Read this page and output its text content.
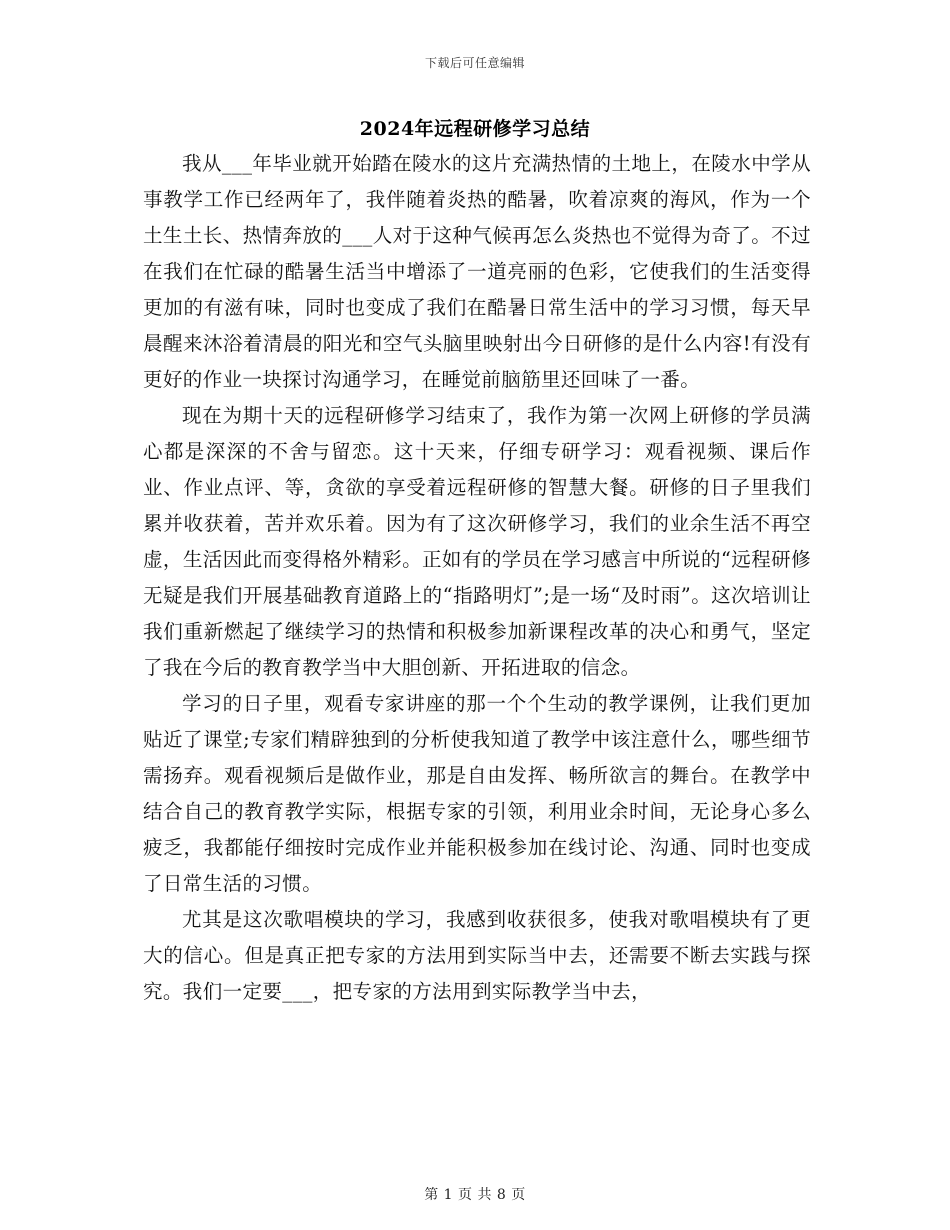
下载后可任意编辑
2024年远程研修学习总结

我从___年毕业就开始踏在陵水的这片充满热情的土地上，在陵水中学从事教学工作已经两年了，我伴随着炎热的酷暑，吹着凉爽的海风，作为一个土生土长、热情奔放的___人对于这种气候再怎么炎热也不觉得为奇了。不过在我们在忙碌的酷暑生活当中增添了一道亮丽的色彩，它使我们的生活变得更加的有滋有味，同时也变成了我们在酷暑日常生活中的学习习惯，每天早晨醒来沐浴着清晨的阳光和空气头脑里映射出今日研修的是什么内容!有没有更好的作业一块探讨沟通学习，在睡觉前脑筋里还回味了一番。

现在为期十天的远程研修学习结束了，我作为第一次网上研修的学员满心都是深深的不舍与留恋。这十天来，仔细专研学习：观看视频、课后作业、作业点评、等，贪欲的享受着远程研修的智慧大餐。研修的日子里我们累并收获着，苦并欢乐着。因为有了这次研修学习，我们的业余生活不再空虚，生活因此而变得格外精彩。正如有的学员在学习感言中所说的“远程研修无疑是我们开展基础教育道路上的“指路明灯”;是一场“及时雨”。这次培训让我们重新燃起了继续学习的热情和积极参加新课程改革的决心和勇气，坚定了我在今后的教育教学当中大胆创新、开拓进取的信念。

学习的日子里，观看专家讲座的那一个个生动的教学课例，让我们更加贴近了课堂;专家们精辟独到的分析使我知道了教学中该注意什么，哪些细节需扬弃。观看视频后是做作业，那是自由发挥、畅所欲言的舞台。在教学中结合自己的教育教学实际，根据专家的引领，利用业余时间，无论身心多么疲乏，我都能仔细按时完成作业并能积极参加在线讨论、沟通、同时也变成了日常生活的习惯。

尤其是这次歌唱模块的学习，我感到收获很多，使我对歌唱模块有了更大的信心。但是真正把专家的方法用到实际当中去，还需要不断去实践与探究。我们一定要___，把专家的方法用到实际教学当中去，

第 1 页 共 8 页
